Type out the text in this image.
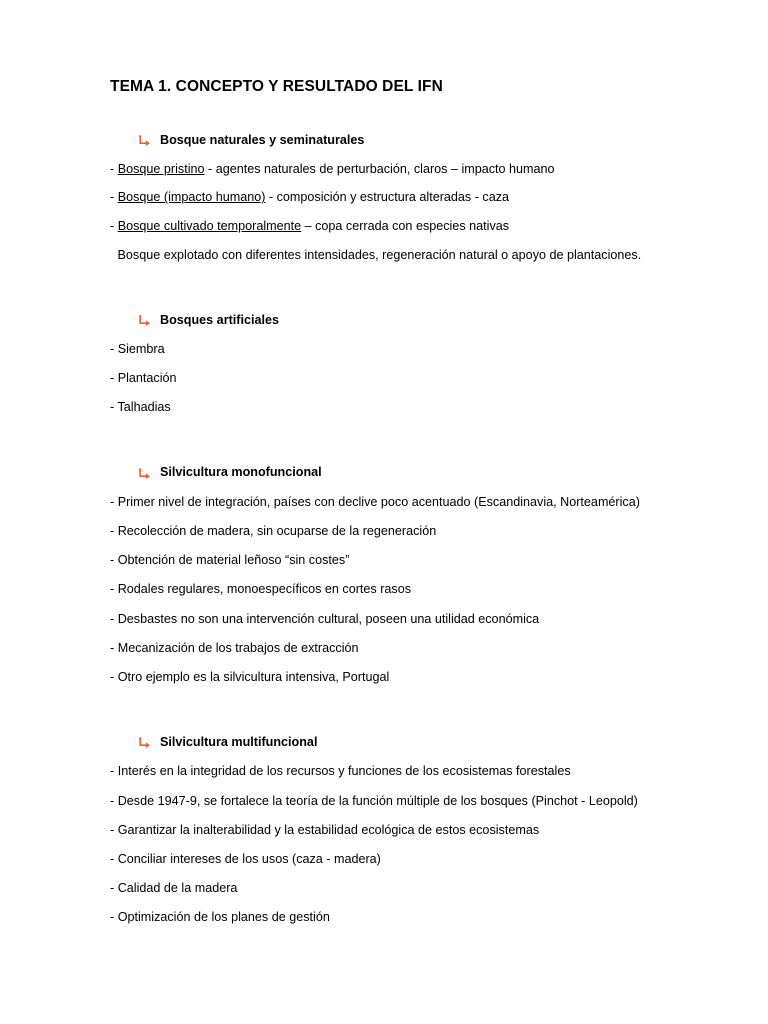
TEMA 1. CONCEPTO Y RESULTADO DEL IFN
Bosque naturales y seminaturales
- Bosque pristino - agentes naturales de perturbación, claros – impacto humano
- Bosque (impacto humano) - composición y estructura alteradas - caza
- Bosque cultivado temporalmente – copa cerrada con especies nativas
Bosque explotado con diferentes intensidades, regeneración natural o apoyo de plantaciones.
Bosques artificiales
- Siembra
- Plantación
- Talhadias
Silvicultura monofuncional
- Primer nivel de integración, países con declive poco acentuado (Escandinavia, Norteamérica)
- Recolección de madera, sin ocuparse de la regeneración
- Obtención de material leñoso “sin costes”
- Rodales regulares, monoespecíficos en cortes rasos
- Desbastes no son una intervención cultural, poseen una utilidad económica
- Mecanización de los trabajos de extracción
- Otro ejemplo es la silvicultura intensiva, Portugal
Silvicultura multifuncional
- Interés en la integridad de los recursos y funciones de los ecosistemas forestales
- Desde 1947-9, se fortalece la teoría de la función múltiple de los bosques (Pinchot - Leopold)
- Garantizar la inalterabilidad y la estabilidad ecológica de estos ecosistemas
- Conciliar intereses de los usos (caza - madera)
- Calidad de la madera
- Optimización de los planes de gestión
